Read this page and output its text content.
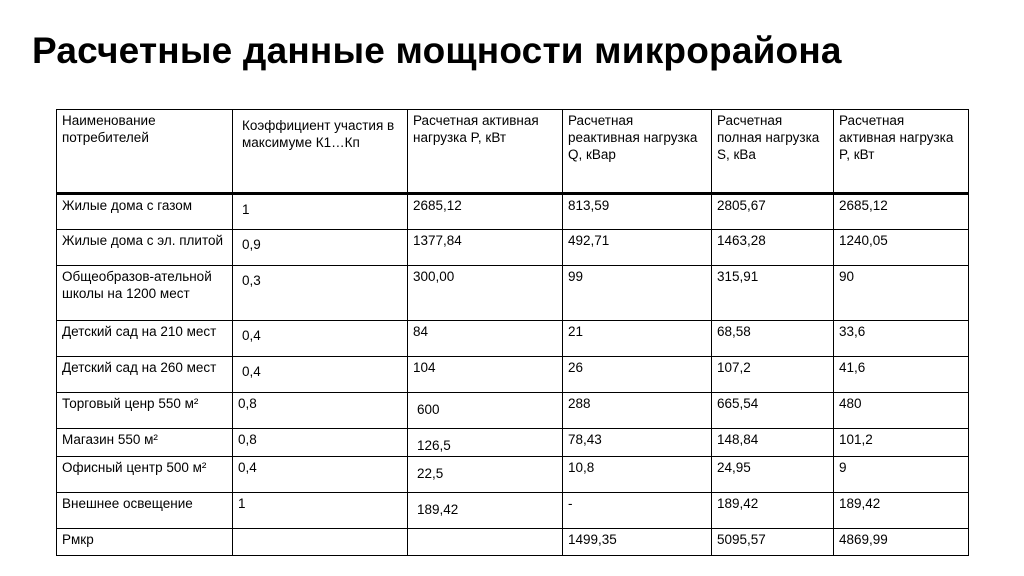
Расчетные данные мощности микрорайона
Наименование потребителей	Коэффициент участия в максимуме К1…Кп	Расчетная активная нагрузка P, кВт	Расчетная реактивная нагрузка Q, кВар	Расчетная полная нагрузка S, кВа	Расчетная активная нагрузка P, кВт
Жилые дома с газом	1	2685,12	813,59	2805,67	2685,12
Жилые дома с эл. плитой	0,9	1377,84	492,71	1463,28	1240,05
Общеобразов-ательной школы на 1200 мест	0,3	300,00	99	315,91	90
Детский сад на 210 мест	0,4	84	21	68,58	33,6
Детский сад на 260 мест	0,4	104	26	107,2	41,6
Торговый ценр 550 м²	0,8	600	288	665,54	480
Магазин 550 м²	0,8	126,5	78,43	148,84	101,2
Офисный центр 500 м²	0,4	22,5	10,8	24,95	9
Внешнее освещение	1	189,42	-	189,42	189,42
Рмкр			1499,35	5095,57	4869,99
